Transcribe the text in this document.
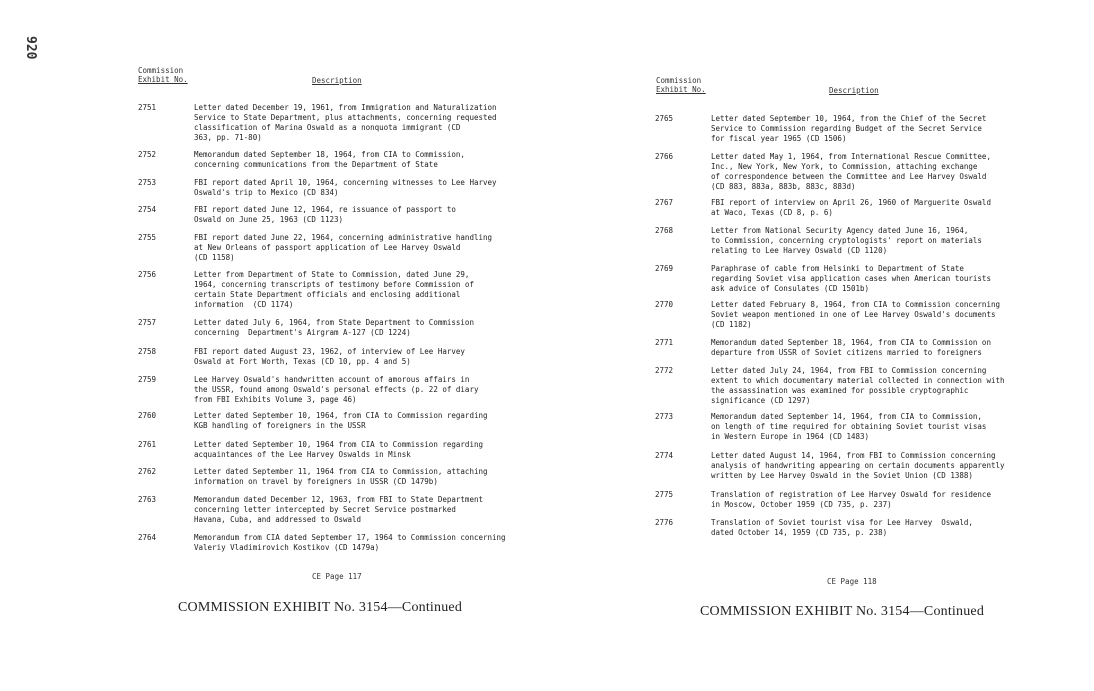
920
Commission
Exhibit No.	Description
2751	Letter dated December 19, 1961, from Immigration and Naturalization
Service to State Department, plus attachments, concerning requested
classification of Marina Oswald as a nonquota immigrant (CD
363, pp. 71-80)
2752	Memorandum dated September 18, 1964, from CIA to Commission,
concerning communications from the Department of State
2753	FBI report dated April 10, 1964, concerning witnesses to Lee Harvey
Oswald's trip to Mexico (CD 834)
2754	FBI report dated June 12, 1964, re issuance of passport to
Oswald on June 25, 1963 (CD 1123)
2755	FBI report dated June 22, 1964, concerning administrative handling
at New Orleans of passport application of Lee Harvey Oswald
(CD 1158)
2756	Letter from Department of State to Commission, dated June 29,
1964, concerning transcripts of testimony before Commission of
certain State Department officials and enclosing additional
information  (CD 1174)
2757	Letter dated July 6, 1964, from State Department to Commission
concerning  Department's Airgram A-127 (CD 1224)
2758	FBI report dated August 23, 1962, of interview of Lee Harvey
Oswald at Fort Worth, Texas (CD 10, pp. 4 and 5)
2759	Lee Harvey Oswald's handwritten account of amorous affairs in
the USSR, found among Oswald's personal effects (p. 22 of diary
from FBI Exhibits Volume 3, page 46)
2760	Letter dated September 10, 1964, from CIA to Commission regarding
KGB handling of foreigners in the USSR
2761	Letter dated September 10, 1964 from CIA to Commission regarding
acquaintances of the Lee Harvey Oswalds in Minsk
2762	Letter dated September 11, 1964 from CIA to Commission, attaching
information on travel by foreigners in USSR (CD 1479b)
2763	Memorandum dated December 12, 1963, from FBI to State Department
concerning letter intercepted by Secret Service postmarked
Havana, Cuba, and addressed to Oswald
2764	Memorandum from CIA dated September 17, 1964 to Commission concerning
Valeriy Vladimirovich Kostikov (CD 1479a)
CE Page 117
COMMISSION EXHIBIT No. 3154—Continued
Commission
Exhibit No.	Description
2765	Letter dated September 10, 1964, from the Chief of the Secret
Service to Commission regarding Budget of the Secret Service
for fiscal year 1965 (CD 1506)
2766	Letter dated May 1, 1964, from International Rescue Committee,
Inc., New York, New York, to Commission, attaching exchange
of correspondence between the Committee and Lee Harvey Oswald
(CD 883, 883a, 883b, 883c, 883d)
2767	FBI report of interview on April 26, 1960 of Marguerite Oswald
at Waco, Texas (CD 8, p. 6)
2768	Letter from National Security Agency dated June 16, 1964,
to Commission, concerning cryptologists' report on materials
relating to Lee Harvey Oswald (CD 1120)
2769	Paraphrase of cable from Helsinki to Department of State
regarding Soviet visa application cases when American tourists
ask advice of Consulates (CD 1501b)
2770	Letter dated February 8, 1964, from CIA to Commission concerning
Soviet weapon mentioned in one of Lee Harvey Oswald's documents
(CD 1182)
2771	Memorandum dated September 18, 1964, from CIA to Commission on
departure from USSR of Soviet citizens married to foreigners
2772	Letter dated July 24, 1964, from FBI to Commission concerning
extent to which documentary material collected in connection with
the assassination was examined for possible cryptographic
significance (CD 1297)
2773	Memorandum dated September 14, 1964, from CIA to Commission,
on length of time required for obtaining Soviet tourist visas
in Western Europe in 1964 (CD 1483)
2774	Letter dated August 14, 1964, from FBI to Commission concerning
analysis of handwriting appearing on certain documents apparently
written by Lee Harvey Oswald in the Soviet Union (CD 1388)
2775	Translation of registration of Lee Harvey Oswald for residence
in Moscow, October 1959 (CD 735, p. 237)
2776	Translation of Soviet tourist visa for Lee Harvey  Oswald,
dated October 14, 1959 (CD 735, p. 238)
CE Page 118
COMMISSION EXHIBIT No. 3154—Continued
